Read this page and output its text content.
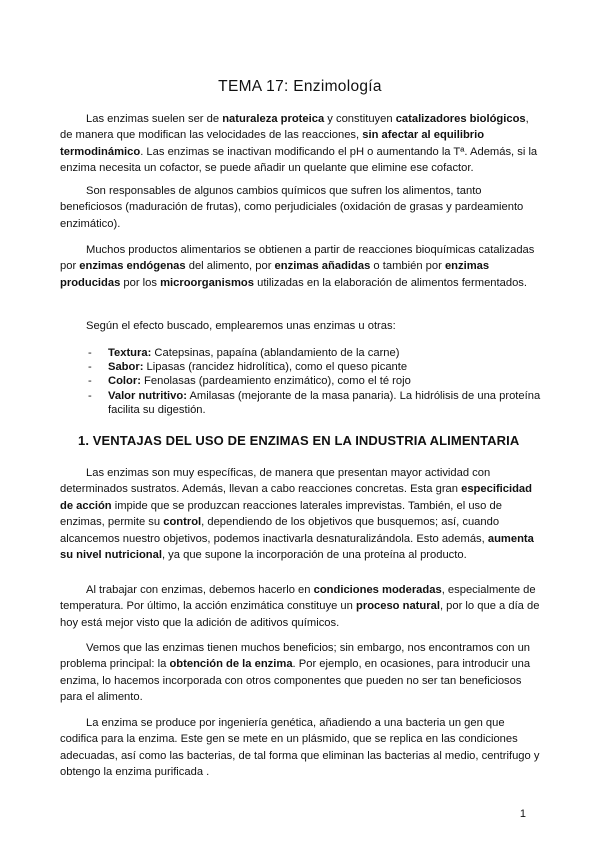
TEMA 17: Enzimología

Las enzimas suelen ser de naturaleza proteica y constituyen catalizadores biológicos, de manera que modifican las velocidades de las reacciones, sin afectar al equilibrio termodinámico. Las enzimas se inactivan modificando el pH o aumentando la Tª. Además, si la enzima necesita un cofactor, se puede añadir un quelante que elimine ese cofactor.

Son responsables de algunos cambios químicos que sufren los alimentos, tanto beneficiosos (maduración de frutas), como perjudiciales (oxidación de grasas y pardeamiento enzimático).

Muchos productos alimentarios se obtienen a partir de reacciones bioquímicas catalizadas por enzimas endógenas del alimento, por enzimas añadidas o también por enzimas producidas por los microorganismos utilizadas en la elaboración de alimentos fermentados.

Según el efecto buscado, emplearemos unas enzimas u otras:

- Textura: Catepsinas, papaína (ablandamiento de la carne)
- Sabor: Lipasas (rancidez hidrolítica), como el queso picante
- Color: Fenolasas (pardeamiento enzimático), como el té rojo
- Valor nutritivo: Amilasas (mejorante de la masa panaria). La hidrólisis de una proteína facilita su digestión.
1. VENTAJAS DEL USO DE ENZIMAS EN LA INDUSTRIA ALIMENTARIA

Las enzimas son muy específicas, de manera que presentan mayor actividad con determinados sustratos. Además, llevan a cabo reacciones concretas. Esta gran especificidad de acción impide que se produzcan reacciones laterales imprevistas. También, el uso de enzimas, permite su control, dependiendo de los objetivos que busquemos; así, cuando alcancemos nuestro objetivos, podemos inactivarla desnaturalizándola. Esto además, aumenta su nivel nutricional, ya que supone la incorporación de una proteína al producto.

Al trabajar con enzimas, debemos hacerlo en condiciones moderadas, especialmente de temperatura. Por último, la acción enzimática constituye un proceso natural, por lo que a día de hoy está mejor visto que la adición de aditivos químicos.

Vemos que las enzimas tienen muchos beneficios; sin embargo, nos encontramos con un problema principal: la obtención de la enzima. Por ejemplo, en ocasiones, para introducir una enzima, lo hacemos incorporada con otros componentes que pueden no ser tan beneficiosos para el alimento.

La enzima se produce por ingeniería genética, añadiendo a una bacteria un gen que codifica para la enzima. Este gen se mete en un plásmido, que se replica en las condiciones adecuadas, así como las bacterias, de tal forma que eliminan las bacterias al medio, centrifugo y obtengo la enzima purificada .

1
